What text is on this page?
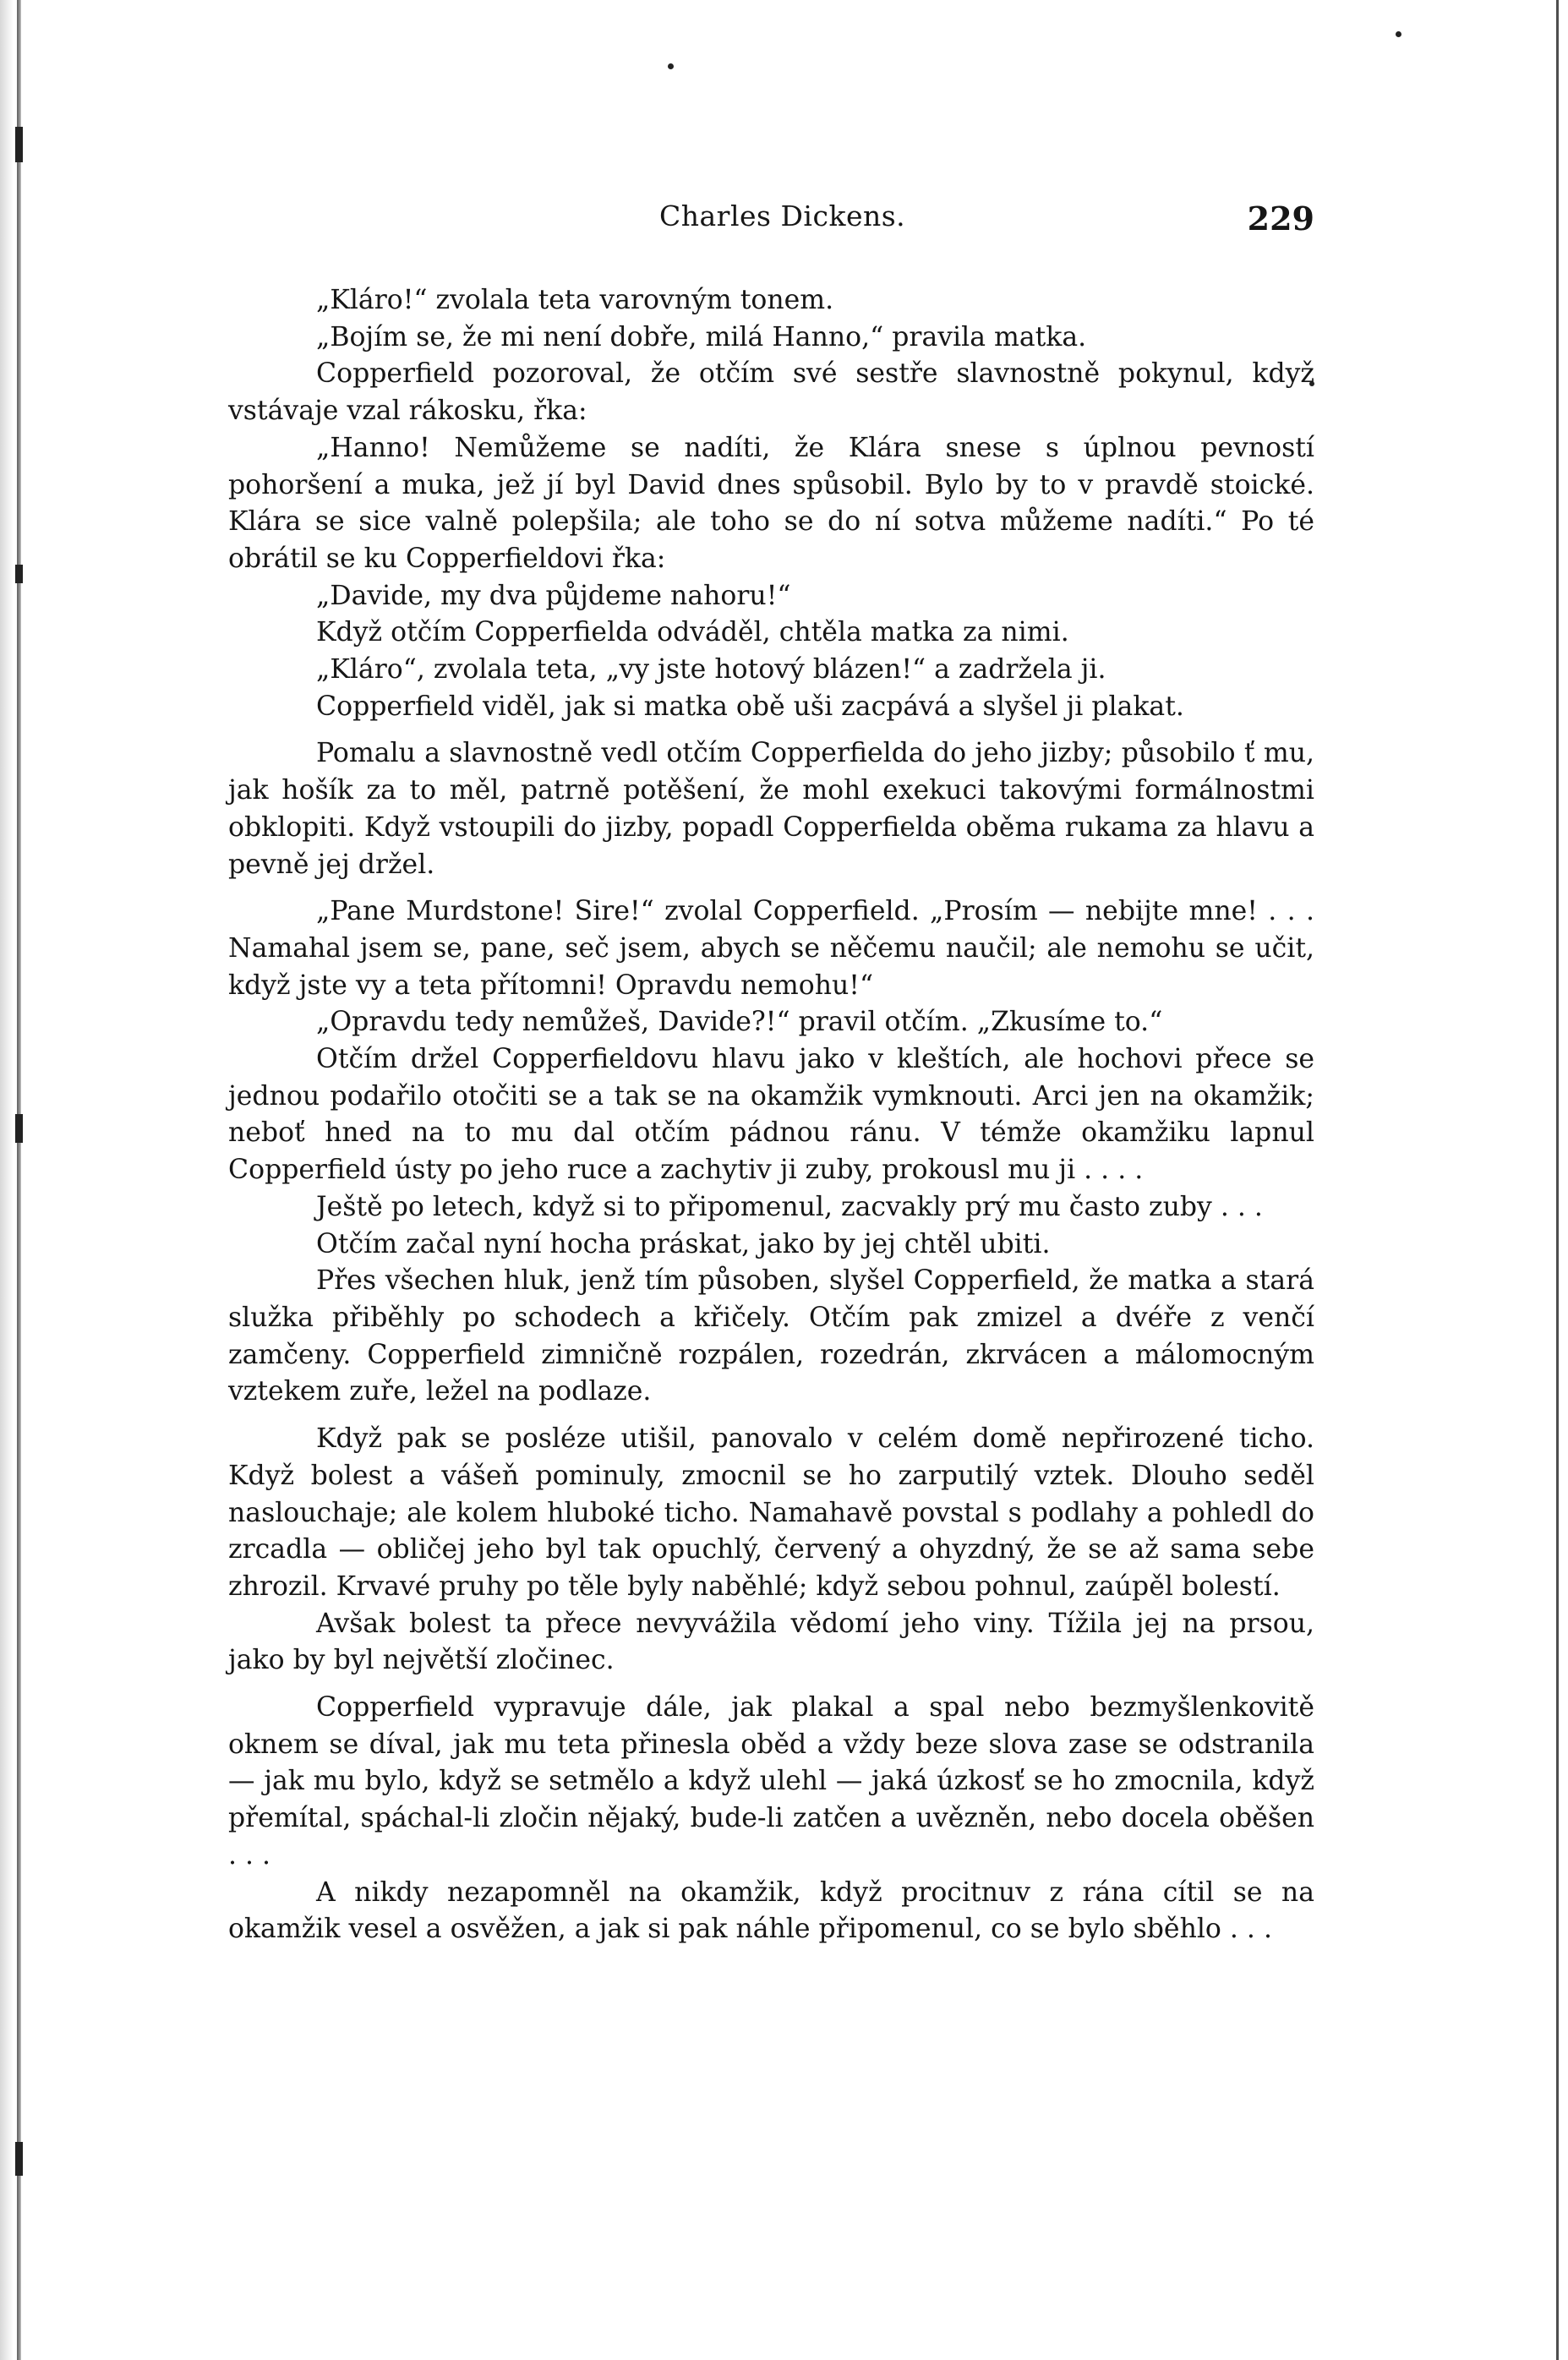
Charles Dickens.	229

„Kláro!“ zvolala teta varovným tonem.

„Bojím se, že mi není dobře, milá Hanno,“ pravila matka.

Copperfield pozoroval, že otčím své sestře slavnostně pokynul, když vstávaje vzal rákosku, řka:

„Hanno! Nemůžeme se nadíti, že Klára snese s úplnou pevností pohoršení a muka, jež jí byl David dnes spůsobil. Bylo by to v pravdě stoické. Klára se sice valně polepšila; ale toho se do ní sotva můžeme nadíti.“ Po té obrátil se ku Copperfieldovi řka:

„Davide, my dva půjdeme nahoru!“

Když otčím Copperfielda odváděl, chtěla matka za nimi.

„Kláro“, zvolala teta, „vy jste hotový blázen!“ a zadržela ji.

Copperfield viděl, jak si matka obě uši zacpává a slyšel ji plakat.

Pomalu a slavnostně vedl otčím Copperfielda do jeho jizby; působilo ť mu, jak hošík za to měl, patrně potěšení, že mohl exekuci takovými formálnostmi obklopiti. Když vstoupili do jizby, popadl Copperfielda oběma rukama za hlavu a pevně jej držel.

„Pane Murdstone! Sire!“ zvolal Copperfield. „Prosím — nebijte mne! . . . Namahal jsem se, pane, seč jsem, abych se něčemu naučil; ale nemohu se učit, když jste vy a teta přítomni! Opravdu nemohu!“

„Opravdu tedy nemůžeš, Davide?!“ pravil otčím. „Zkusíme to.“

Otčím držel Copperfieldovu hlavu jako v kleštích, ale hochovi přece se jednou podařilo otočiti se a tak se na okamžik vymknouti. Arci jen na okamžik; neboť hned na to mu dal otčím pádnou ránu. V témže okamžiku lapnul Copperfield ústy po jeho ruce a zachytiv ji zuby, prokousl mu ji . . . .

Ještě po letech, když si to připomenul, zacvakly prý mu často zuby . . .

Otčím začal nyní hocha práskat, jako by jej chtěl ubiti.

Přes všechen hluk, jenž tím působen, slyšel Copperfield, že matka a stará služka přiběhly po schodech a křičely. Otčím pak zmizel a dvéře z venčí zamčeny. Copperfield zimničně rozpálen, rozedrán, zkrvácen a málomocným vztekem zuře, ležel na podlaze.

Když pak se posléze utišil, panovalo v celém domě nepřirozené ticho. Když bolest a vášeň pominuly, zmocnil se ho zarputilý vztek. Dlouho seděl naslouchaje; ale kolem hluboké ticho. Namahavě povstal s podlahy a pohledl do zrcadla — obličej jeho byl tak opuchlý, červený a ohyzdný, že se až sama sebe zhrozil. Krvavé pruhy po těle byly naběhlé; když sebou pohnul, zaúpěl bolestí.

Avšak bolest ta přece nevyvážila vědomí jeho viny. Tížila jej na prsou, jako by byl největší zločinec.

Copperfield vypravuje dále, jak plakal a spal nebo bezmyšlenkovitě oknem se díval, jak mu teta přinesla oběd a vždy beze slova zase se odstranila — jak mu bylo, když se setmělo a když ulehl — jaká úzkosť se ho zmocnila, když přemítal, spáchal-li zločin nějaký, bude-li zatčen a uvězněn, nebo docela oběšen . . .

A nikdy nezapomněl na okamžik, když procitnuv z rána cítil se na okamžik vesel a osvěžen, a jak si pak náhle připomenul, co se bylo sběhlo . . .
